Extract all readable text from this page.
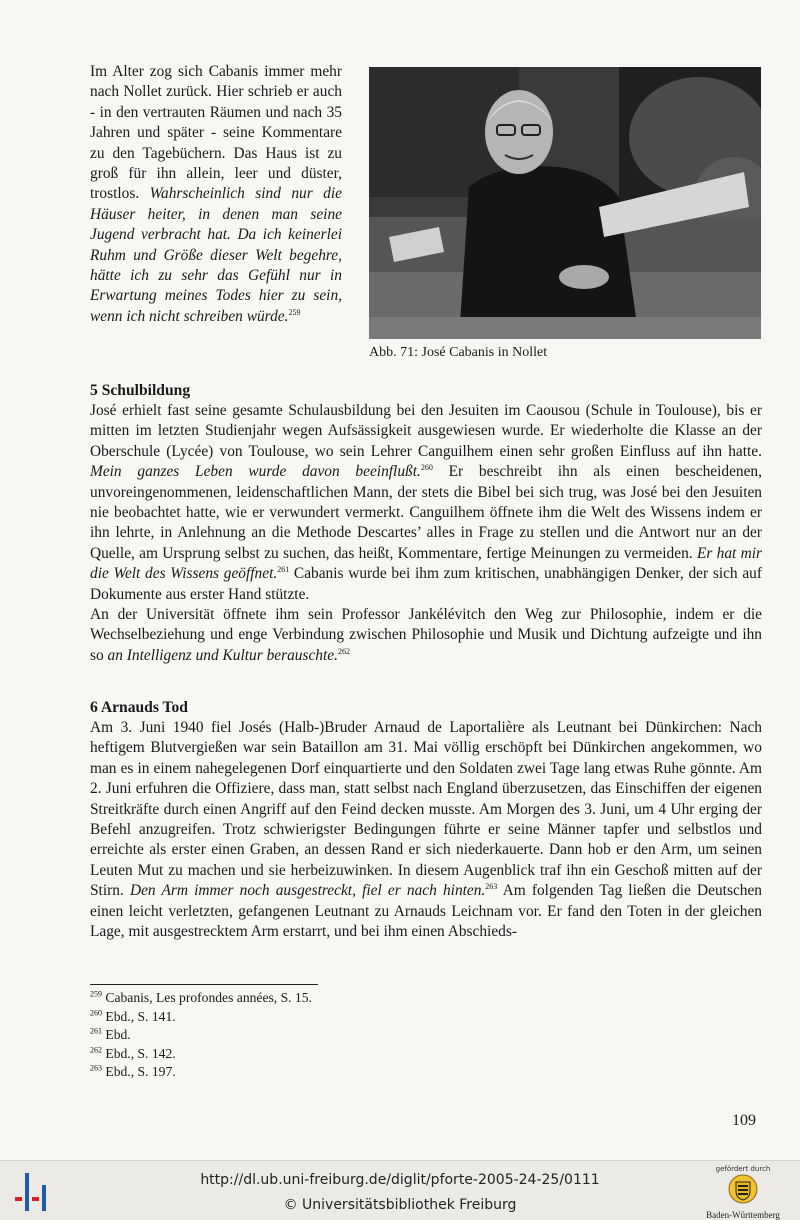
Im Alter zog sich Cabanis immer mehr nach Nollet zurück. Hier schrieb er auch - in den vertrauten Räumen und nach 35 Jahren und später - seine Kommentare zu den Tagebüchern. Das Haus ist zu groß für ihn allein, leer und düster, trostlos. Wahrscheinlich sind nur die Häuser heiter, in denen man seine Jugend verbracht hat. Da ich keinerlei Ruhm und Größe dieser Welt begehre, hätte ich zu sehr das Gefühl nur in Erwartung meines Todes hier zu sein, wenn ich nicht schreiben würde.$^{259}$
Abb. 71: José Cabanis in Nollet
5 Schulbildung
José erhielt fast seine gesamte Schulausbildung bei den Jesuiten im Caousou (Schule in Toulouse), bis er mitten im letzten Studienjahr wegen Aufsässigkeit ausgewiesen wurde. Er wiederholte die Klasse an der Oberschule (Lycée) von Toulouse, wo sein Lehrer Canguilhem einen sehr großen Einfluss auf ihn hatte. Mein ganzes Leben wurde davon beeinflußt.$^{260}$ Er beschreibt ihn als einen bescheidenen, unvoreingenommenen, leidenschaftlichen Mann, der stets die Bibel bei sich trug, was José bei den Jesuiten nie beobachtet hatte, wie er verwundert vermerkt. Canguilhem öffnete ihm die Welt des Wissens indem er ihn lehrte, in Anlehnung an die Methode Descartes’ alles in Frage zu stellen und die Antwort nur an der Quelle, am Ursprung selbst zu suchen, das heißt, Kommentare, fertige Meinungen zu vermeiden. Er hat mir die Welt des Wissens geöffnet.$^{261}$ Cabanis wurde bei ihm zum kritischen, unabhängigen Denker, der sich auf Dokumente aus erster Hand stützte.
An der Universität öffnete ihm sein Professor Jankélévitch den Weg zur Philosophie, indem er die Wechselbeziehung und enge Verbindung zwischen Philosophie und Musik und Dichtung aufzeigte und ihn so an Intelligenz und Kultur berauschte.$^{262}$
6 Arnauds Tod
Am 3. Juni 1940 fiel Josés (Halb-)Bruder Arnaud de Laportalière als Leutnant bei Dünkirchen: Nach heftigem Blutvergießen war sein Bataillon am 31. Mai völlig erschöpft bei Dünkirchen angekommen, wo man es in einem nahegelegenen Dorf einquartierte und den Soldaten zwei Tage lang etwas Ruhe gönnte. Am 2. Juni erfuhren die Offiziere, dass man, statt selbst nach England überzusetzen, das Einschiffen der eigenen Streitkräfte durch einen Angriff auf den Feind decken musste. Am Morgen des 3. Juni, um 4 Uhr erging der Befehl anzugreifen. Trotz schwierigster Bedingungen führte er seine Männer tapfer und selbstlos und erreichte als erster einen Graben, an dessen Rand er sich niederkauerte. Dann hob er den Arm, um seinen Leuten Mut zu machen und sie herbeizuwinken. In diesem Augenblick traf ihn ein Geschoß mitten auf der Stirn. Den Arm immer noch ausgestreckt, fiel er nach hinten.$^{263}$ Am folgenden Tag ließen die Deutschen einen leicht verletzten, gefangenen Leutnant zu Arnauds Leichnam vor. Er fand den Toten in der gleichen Lage, mit ausgestrecktem Arm erstarrt, und bei ihm einen Abschieds-
$^{259}$ Cabanis, Les profondes années, S. 15.
$^{260}$ Ebd., S. 141.
$^{261}$ Ebd.
$^{262}$ Ebd., S. 142.
$^{263}$ Ebd., S. 197.
109
http://dl.ub.uni-freiburg.de/diglit/pforte-2005-24-25/0111
© Universitätsbibliothek Freiburg
gefördert durch
Baden-Württemberg
